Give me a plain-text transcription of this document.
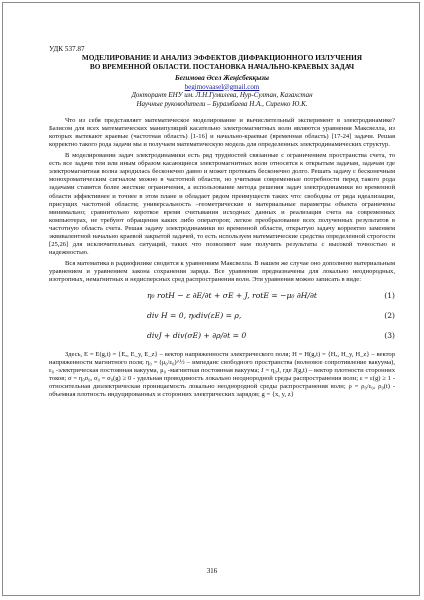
УДК 537.87
МОДЕЛИРОВАНИЕ И АНАЛИЗ ЭФФЕКТОВ ДИФРАКЦИОННОГО ИЗЛУЧЕНИЯ
ВО ВРЕМЕННОЙ ОБЛАСТИ. ПОСТАНОВКА НАЧАЛЬНО-КРАЕВЫХ ЗАДАЧ
Бегимова Әсел Жеңісбекқызы
begimovaasel@gmail.com
Докторант ЕНУ им. Л.Н.Гумилева, Нур-Султан, Казахстан
Научные руководители – Бурамбаева Н.А., Сиренко Ю.К.

Что из себя представляет математическое моделирование и вычислительный эксперимент в электродинамике? Базисом для всех математических манипуляций касательно электромагнитных волн являются уравнения Максвелла, из которых вытекают краевые (частотная область) [1-16] и начально-краевые (временная область) [17-24] задачи. Решая корректно такого рода задачи мы и получаем математическую модель для определенных электродинамических структур.

В моделировании задач электродинамики есть ряд трудностей связанные с ограничением пространства счета, то есть все задачи тем или иным образом касающиеся электромагнитных волн относятся к открытым задачам, задачам где электромагнитная волна зародилась бесконечно давно и может протекать бесконечно долго. Решать задачу с бесконечным монохроматическим сигналом можно в частотной области, но учитывая современные потребности перед такого рода задачами ставятся более жесткие ограничения, а использование метода решения задач электродинамики во временной области эффективнее и точнее в этом плане и обладает рядом преимуществ таких что: свободны от ряда идеализации, присущих частотной области; универсальность –геометрические и материальные параметры объекта ограничены минимально; сравнительно короткое время считывания исходных данных и реализация счета на современных компьютерах, не требуют обращения каких либо операторов; легкое преобразование всех полученных результатов в частотную область счета. Решая задачу электродинамики во временной области, открытую задачу корректно заменяем эквивалентной начально краевой закрытой задачей, то есть используем математические средства определенной строгости [25,26] для исключительных ситуаций, таких что позволяют нам получить результаты с высокой точностью и надежностью.

Вся математика в радиофизике сводится к уравнениям Максвелла. В нашем же случае оно дополнено материальным уравнением и уравнением закона сохранения заряда. Все уравнения предназначены для локально неоднородных, изотропных, немагнитных и недисперсных сред распространения волн. Эти уравнения можно записать в виде:

η₀ rotH − ε ∂E/∂t + σE + J, rotE = −μ₀ ∂H/∂t	(1)
div H = 0, η₀div(εE) = ρ,	(2)
divJ + div(σE) + ∂ρ/∂t = 0	(3)

Здесь, E = E(g,t) = {Eₓ, E_y, E_z} – вектор напряженности электрического поля; H = H(g,t) = {Hₓ, H_y, H_z} – вектор напряженности магнитного поля; η₀ = (μ₀/ε₀)^½ – импеданс свободного пространства (волновое сопротивление вакуума), ε₀ -электрическая постоянная вакуума, μ₀ -магнитная постоянная вакуума; J = η₀J, где J(g,t) – вектор плотности сторонних токов; σ = η₀σ₀, σ₀ = σ₀(g) ≥ 0 - удельная проводимость локально неоднородной среды распространения волн; ε = ε(g) ≥ 1 - относительная диэлектрическая проницаемость локально неоднородной среды распространения волн; ρ = ρ₀/ε₀, ρ₀(t) - объемная плотность индуцированных и сторонних электрических зарядов; g = {x, y, z}

316
